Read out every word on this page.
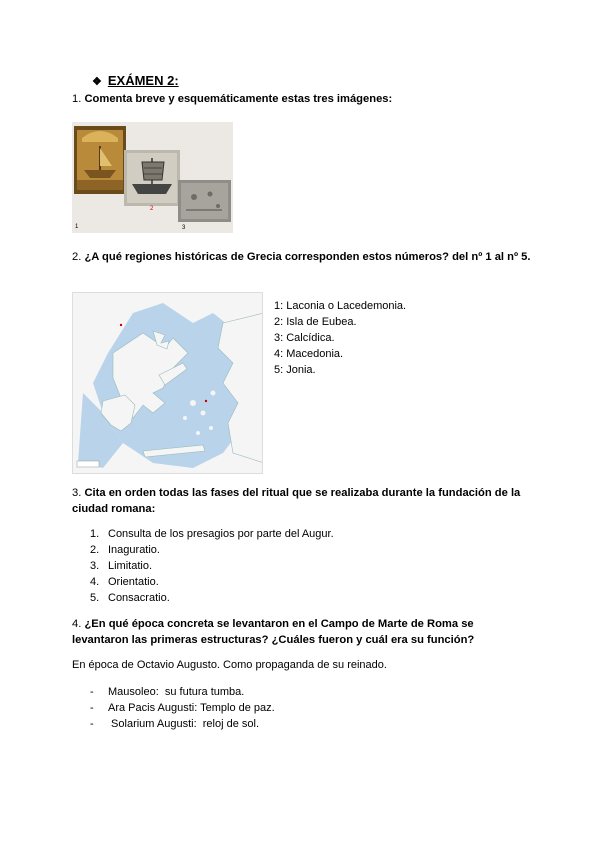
❖ EXÁMEN 2:
1. Comenta breve y esquemáticamente estas tres imágenes:
1
2
3
2. ¿A qué regiones históricas de Grecia corresponden estos números? del nº 1 al nº 5.
1: Laconia o Lacedemonia.
2: Isla de Eubea.
3: Calcídica.
4: Macedonia.
5: Jonia.
3. Cita en orden todas las fases del ritual que se realizaba durante la fundación de la ciudad romana:
1. Consulta de los presagios por parte del Augur.
2. Inaguratio.
3. Limitatio.
4. Orientatio.
5. Consacratio.
4. ¿En qué época concreta se levantaron en el Campo de Marte de Roma se levantaron las primeras estructuras? ¿Cuáles fueron y cuál era su función?
En época de Octavio Augusto. Como propaganda de su reinado.
-	Mausoleo:  su futura tumba.
-	Ara Pacis Augusti: Templo de paz.
-	Solarium Augusti:  reloj de sol.
